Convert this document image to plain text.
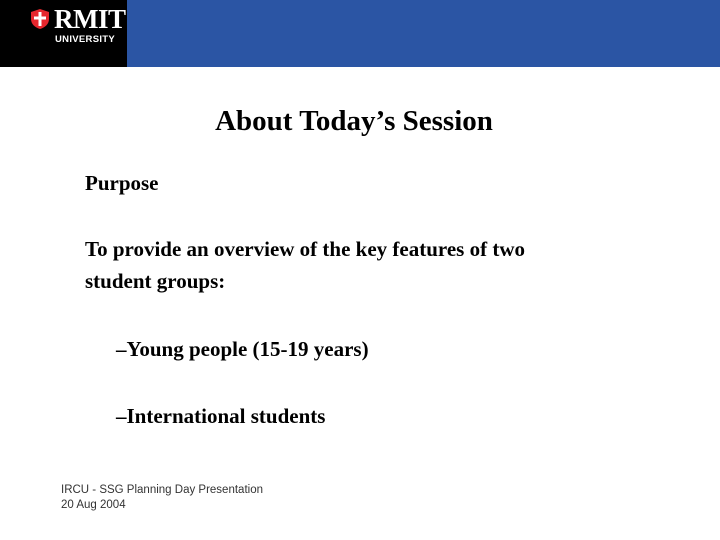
RMIT
UNIVERSITY
About Today’s Session
Purpose
To provide an overview of the key features of two
student groups:
–Young people (15-19 years)
–International students
IRCU - SSG Planning Day Presentation
20 Aug 2004
